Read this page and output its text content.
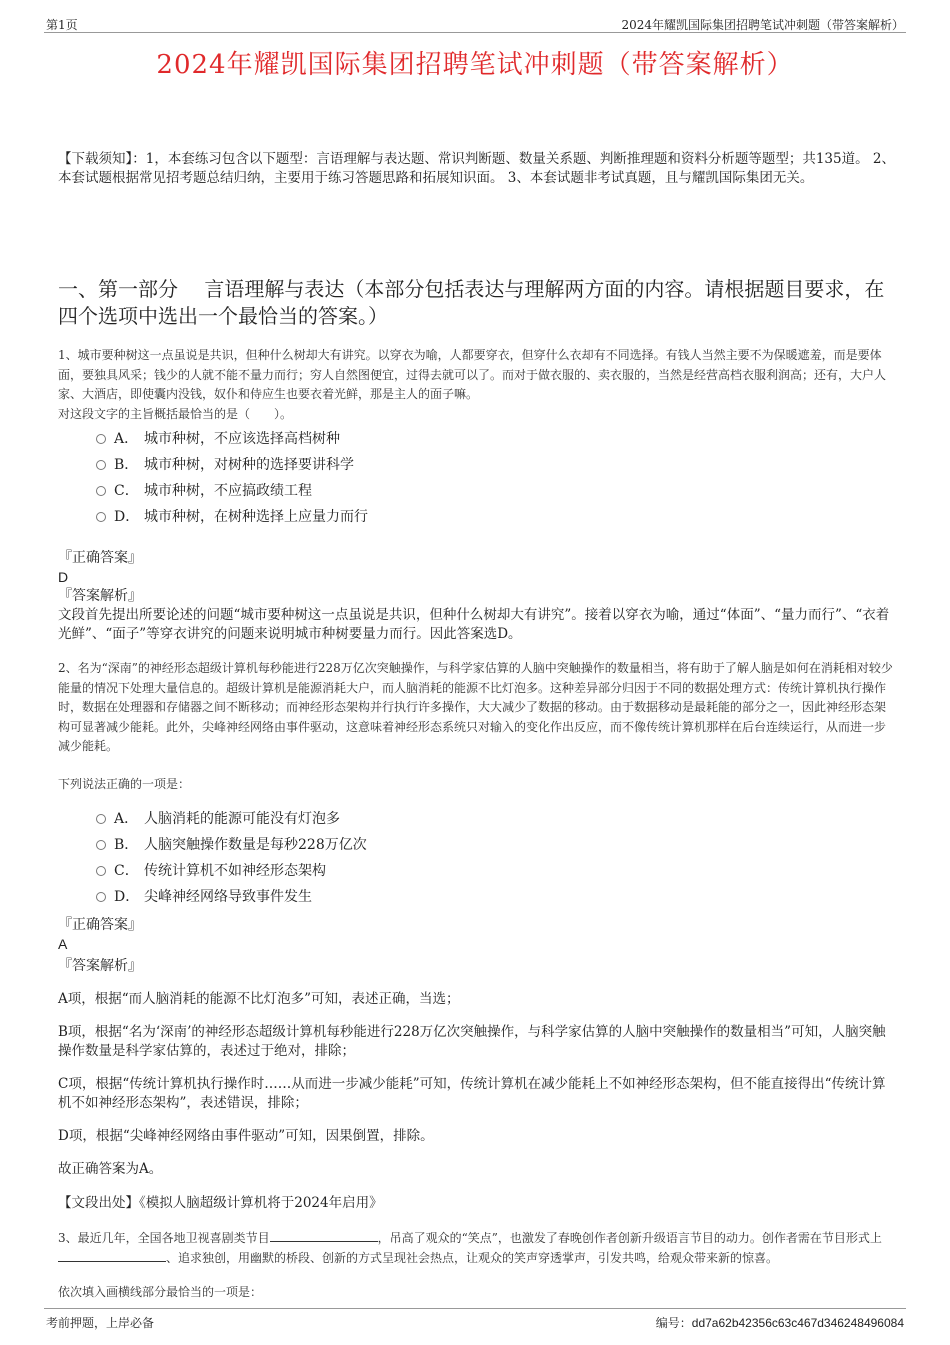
第1页	2024年耀凯国际集团招聘笔试冲刺题（带答案解析）
2024年耀凯国际集团招聘笔试冲刺题（带答案解析）
【下载须知】：1，本套练习包含以下题型：言语理解与表达题、常识判断题、数量关系题、判断推理题和资料分析题等题型；共135道。 2、本套试题根据常见招考题总结归纳，主要用于练习答题思路和拓展知识面。 3、本套试题非考试真题，且与耀凯国际集团无关。
一、第一部分　 言语理解与表达（本部分包括表达与理解两方面的内容。请根据题目要求，在四个选项中选出一个最恰当的答案。）
1、城市要种树这一点虽说是共识，但种什么树却大有讲究。以穿衣为喻，人都要穿衣，但穿什么衣却有不同选择。有钱人当然主要不为保暖遮羞，而是要体面，要独具风采；钱少的人就不能不量力而行；穷人自然图便宜，过得去就可以了。而对于做衣服的、卖衣服的，当然是经营高档衣服利润高；还有，大户人家、大酒店，即使囊内没钱，奴仆和侍应生也要衣着光鲜，那是主人的面子嘛。
对这段文字的主旨概括最恰当的是（　　）。
A． 城市种树，不应该选择高档树种
B． 城市种树，对树种的选择要讲科学
C． 城市种树，不应搞政绩工程
D． 城市种树，在树种选择上应量力而行
『正确答案』
D
『答案解析』
文段首先提出所要论述的问题“城市要种树这一点虽说是共识，但种什么树却大有讲究”。接着以穿衣为喻，通过“体面”、“量力而行”、“衣着光鲜”、“面子”等穿衣讲究的问题来说明城市种树要量力而行。因此答案选D。
2、名为“深南”的神经形态超级计算机每秒能进行228万亿次突触操作，与科学家估算的人脑中突触操作的数量相当，将有助于了解人脑是如何在消耗相对较少能量的情况下处理大量信息的。超级计算机是能源消耗大户，而人脑消耗的能源不比灯泡多。这种差异部分归因于不同的数据处理方式：传统计算机执行操作时，数据在处理器和存储器之间不断移动；而神经形态架构并行执行许多操作，大大减少了数据的移动。由于数据移动是最耗能的部分之一，因此神经形态架构可显著减少能耗。此外，尖峰神经网络由事件驱动，这意味着神经形态系统只对输入的变化作出反应，而不像传统计算机那样在后台连续运行，从而进一步减少能耗。
下列说法正确的一项是：
A． 人脑消耗的能源可能没有灯泡多
B． 人脑突触操作数量是每秒228万亿次
C． 传统计算机不如神经形态架构
D． 尖峰神经网络导致事件发生
『正确答案』
A
『答案解析』
A项，根据“而人脑消耗的能源不比灯泡多”可知，表述正确，当选；
B项，根据“名为‘深南’的神经形态超级计算机每秒能进行228万亿次突触操作，与科学家估算的人脑中突触操作的数量相当”可知，人脑突触操作数量是科学家估算的，表述过于绝对，排除；
C项，根据“传统计算机执行操作时……从而进一步减少能耗”可知，传统计算机在减少能耗上不如神经形态架构，但不能直接得出“传统计算机不如神经形态架构”，表述错误，排除；
D项，根据“尖峰神经网络由事件驱动”可知，因果倒置，排除。
故正确答案为A。
【文段出处】《模拟人脑超级计算机将于2024年启用》
3、最近几年，全国各地卫视喜剧类节目	，吊高了观众的“笑点”，也激发了春晚创作者创新升级语言节目的动力。创作者需在节目形式上、追求独创，用幽默的桥段、创新的方式呈现社会热点，让观众的笑声穿透掌声，引发共鸣，给观众带来新的惊喜。
依次填入画横线部分最恰当的一项是：
考前押题，上岸必备	编号：dd7a62b42356c63c467d346248496084
